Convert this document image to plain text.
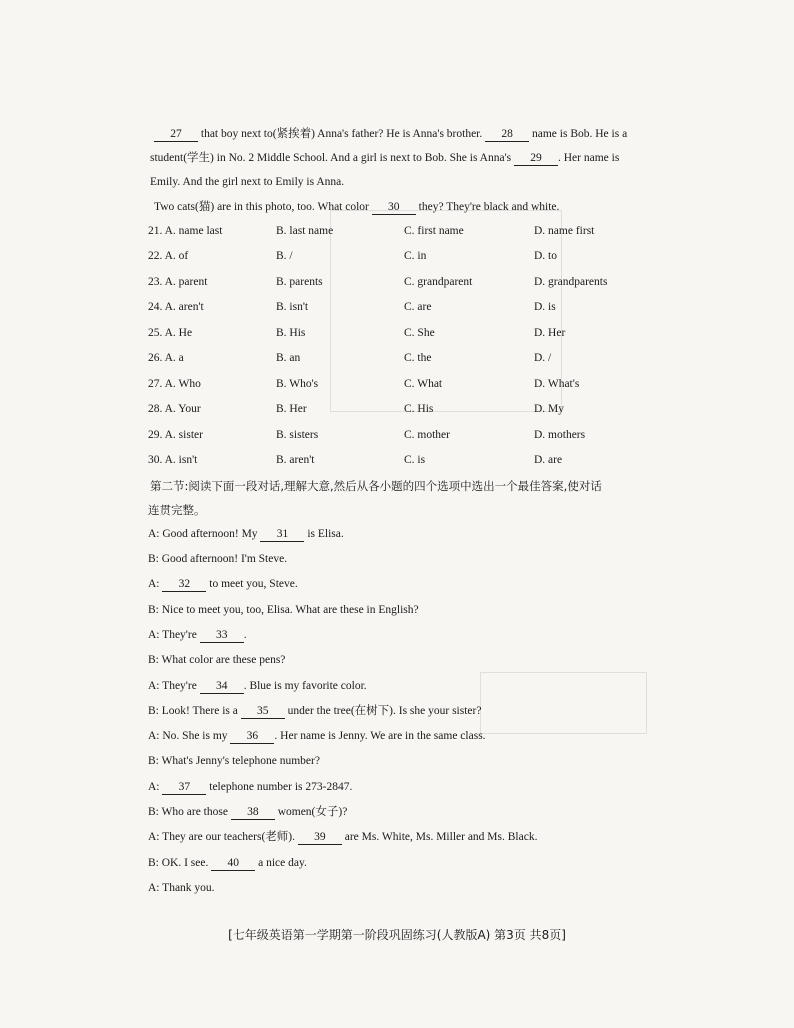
27 that boy next to(紧挨着) Anna's father? He is Anna's brother. 28 name is Bob. He is a
student(学生) in No. 2 Middle School. And a girl is next to Bob. She is Anna's 29 . Her name is
Emily. And the girl next to Emily is Anna.
Two cats(猫) are in this photo, too. What color 30 they? They're black and white.
21. A. name last	B. last name	C. first name	D. name first
22. A. of	B. /	C. in	D. to
23. A. parent	B. parents	C. grandparent	D. grandparents
24. A. aren't	B. isn't	C. are	D. is
25. A. He	B. His	C. She	D. Her
26. A. a	B. an	C. the	D. /
27. A. Who	B. Who's	C. What	D. What's
28. A. Your	B. Her	C. His	D. My
29. A. sister	B. sisters	C. mother	D. mothers
30. A. isn't	B. aren't	C. is	D. are
第二节:阅读下面一段对话,理解大意,然后从各小题的四个选项中选出一个最佳答案,使对话
连贯完整。
A: Good afternoon! My 31 is Elisa.
B: Good afternoon! I'm Steve.
A: 32 to meet you, Steve.
B: Nice to meet you, too, Elisa. What are these in English?
A: They're 33 .
B: What color are these pens?
A: They're 34 . Blue is my favorite color.
B: Look! There is a 35 under the tree(在树下). Is she your sister?
A: No. She is my 36 . Her name is Jenny. We are in the same class.
B: What's Jenny's telephone number?
A: 37 telephone number is 273-2847.
B: Who are those 38 women(女子)?
A: They are our teachers(老师). 39 are Ms. White, Ms. Miller and Ms. Black.
B: OK. I see. 40 a nice day.
A: Thank you.
[七年级英语第一学期第一阶段巩固练习(人教版A) 第3页 共8页]
